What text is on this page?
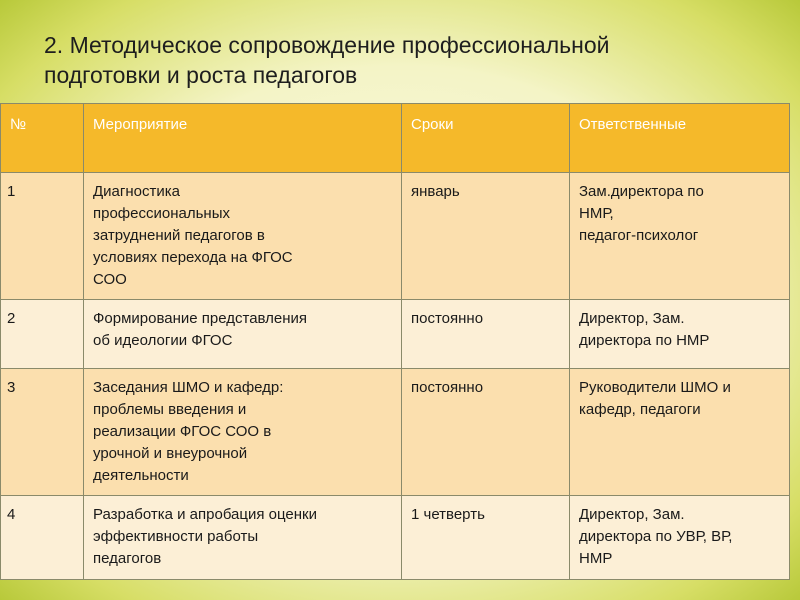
2. Методическое сопровождение профессиональной
подготовки и роста педагогов
№	Мероприятие	Сроки	Ответственные
1	Диагностика
профессиональных
затруднений педагогов в
условиях перехода на ФГОС
СОО	январь	Зам.директора по
НМР,
педагог-психолог
2	Формирование представления
об идеологии ФГОС	постоянно	Директор, Зам.
директора по НМР
3	Заседания ШМО и кафедр:
проблемы введения и
реализации ФГОС СОО в
урочной и внеурочной
деятельности	постоянно	Руководители ШМО и
кафедр, педагоги
4	Разработка и апробация оценки
эффективности работы
педагогов	1 четверть	Директор, Зам.
директора по УВР, ВР,
НМР
